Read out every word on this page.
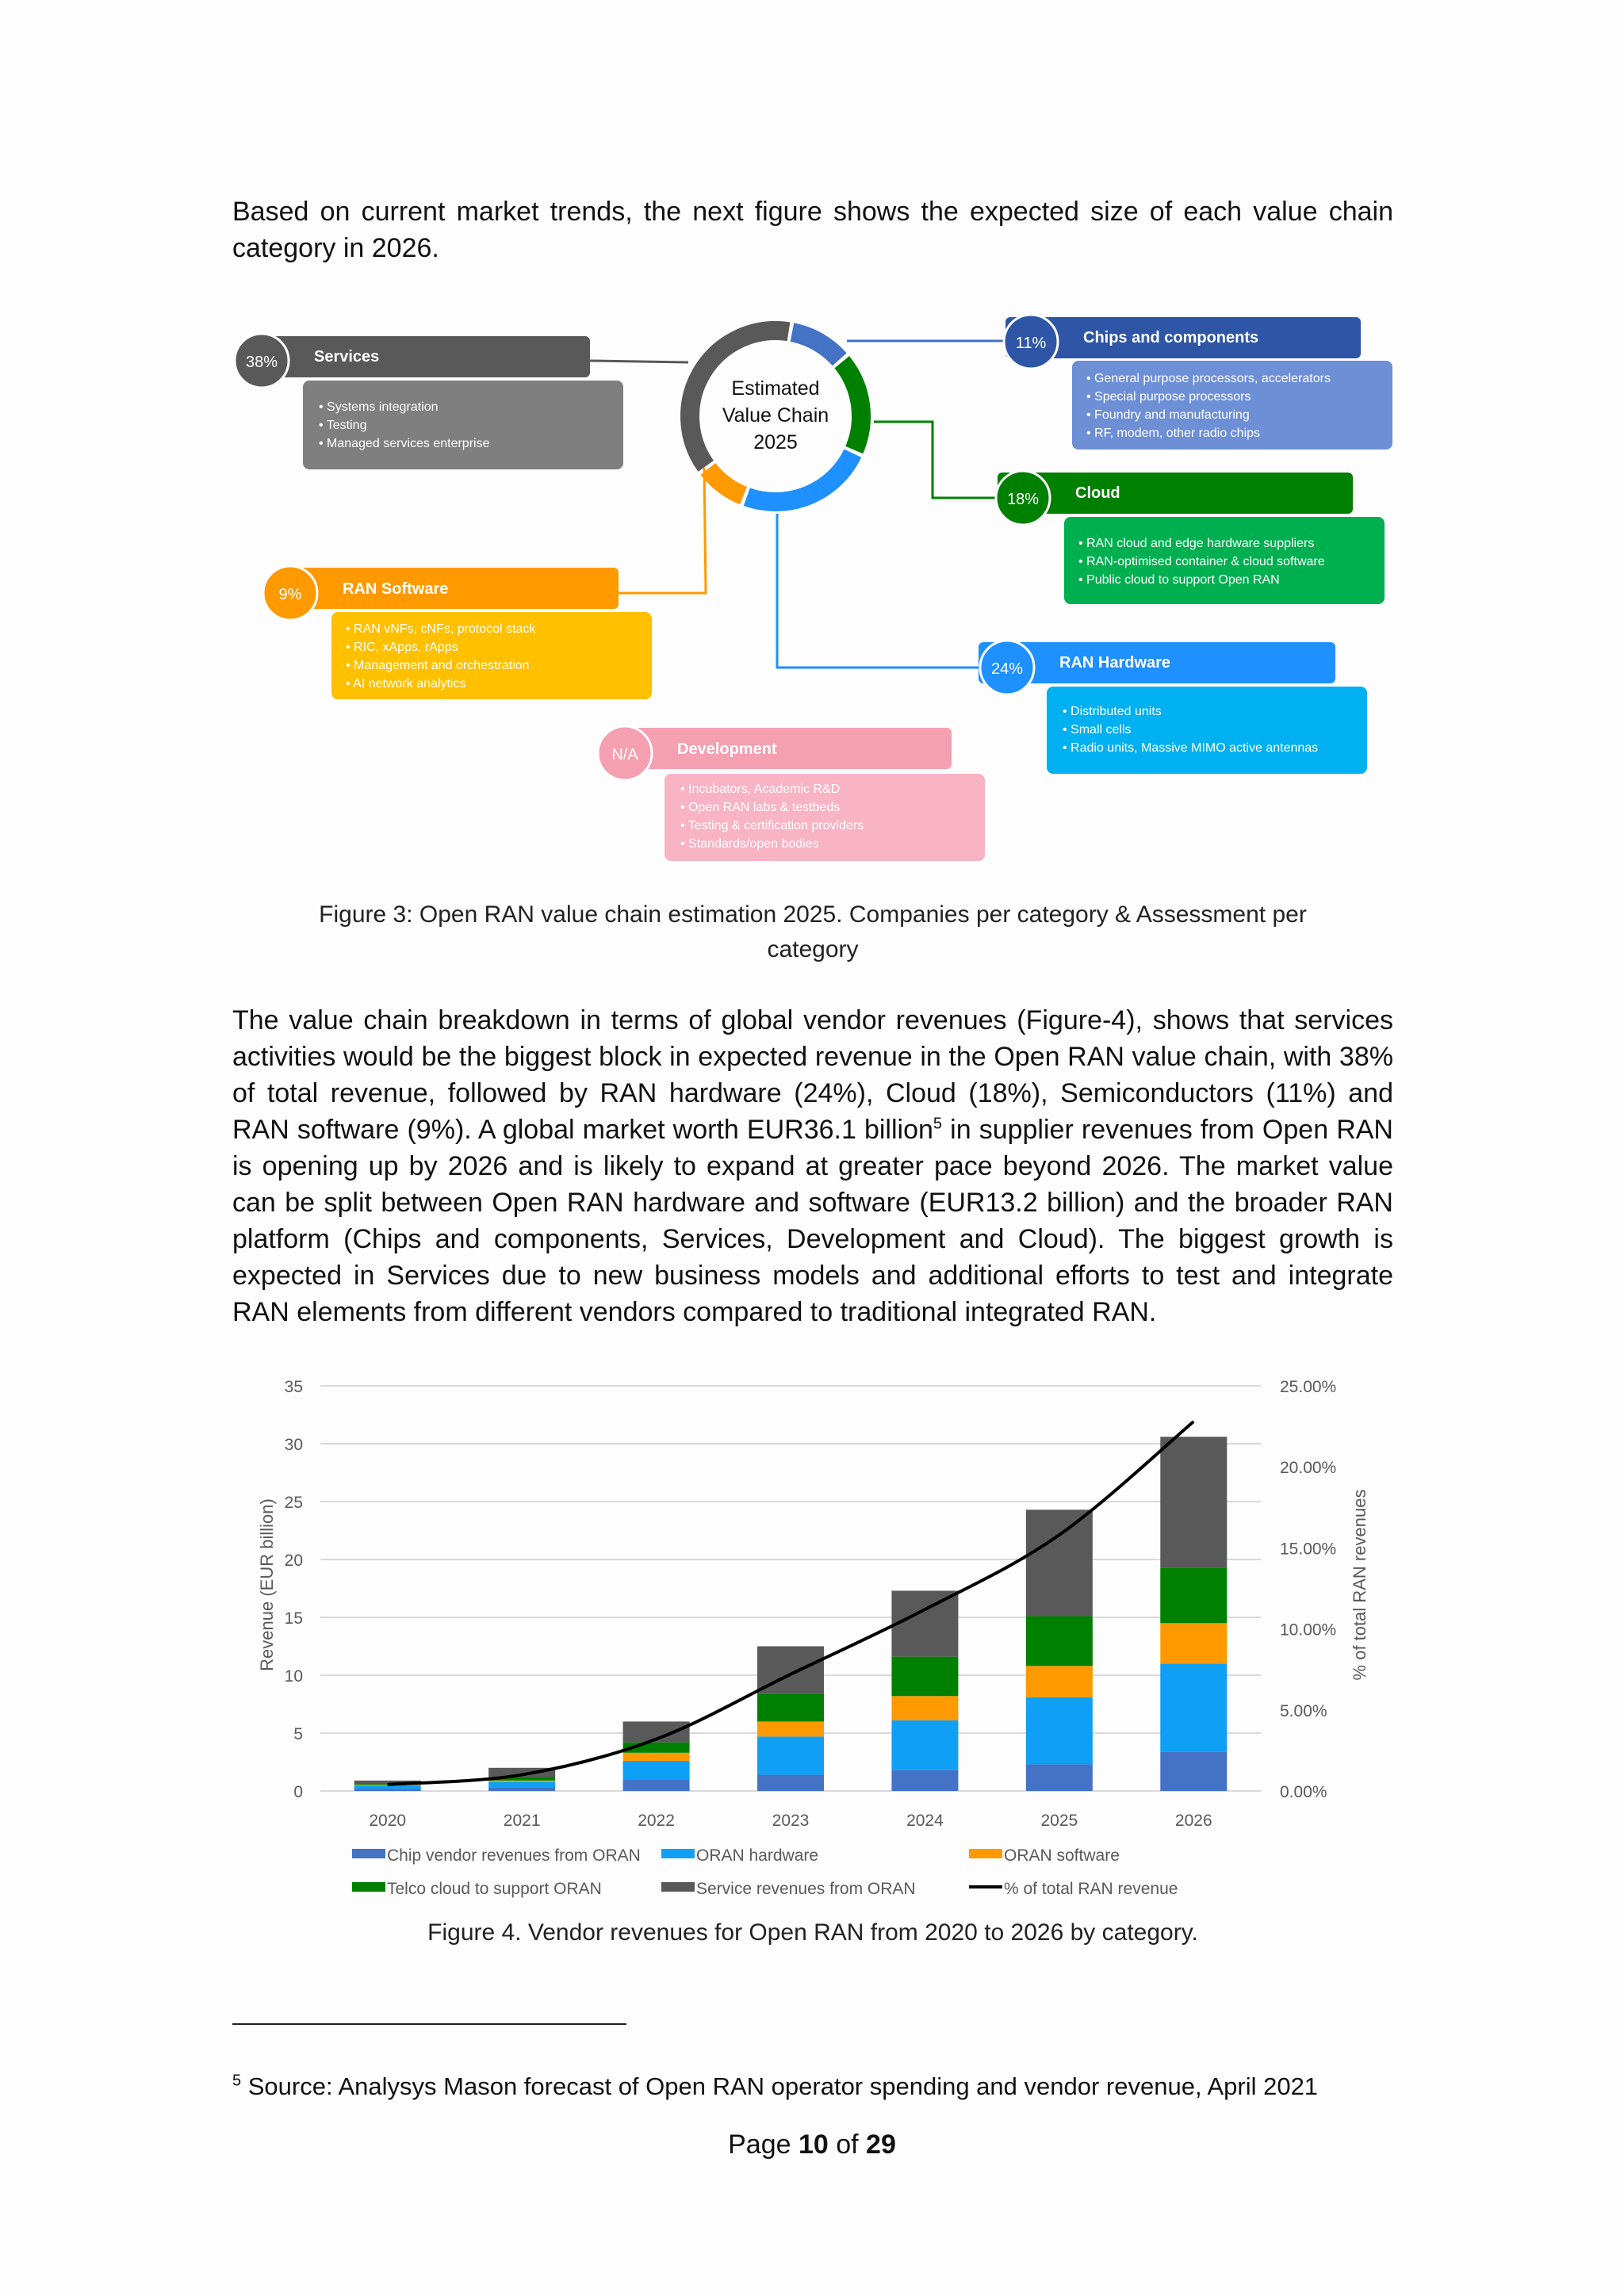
Based on current market trends, the next figure shows the expected size of each value chain category in 2026.
Estimated
Value Chain
2025
38% Services
• Systems integration
• Testing
• Managed services enterprise
11% Chips and components
• General purpose processors, accelerators
• Special purpose processors
• Foundry and manufacturing
• RF, modem, other radio chips
18% Cloud
• RAN cloud and edge hardware suppliers
• RAN-optimised container & cloud software
• Public cloud to support Open RAN
9%	RAN Software
• RAN vNFs, cNFs, protocol stack
• RIC, xApps, rApps
• Management and orchestration
• AI network analytics
24% RAN Hardware
• Distributed units
• Small cells
• Radio units, Massive MIMO active antennas
N/A Development
• Incubators, Academic R&D
• Open RAN labs & testbeds
• Testing & certification providers
• Standards/open bodies
Figure 3: Open RAN value chain estimation 2025. Companies per category & Assessment per
category
The value chain breakdown in terms of global vendor revenues (Figure-4), shows that services activities would be the biggest block in expected revenue in the Open RAN value chain, with 38% of total revenue, followed by RAN hardware (24%), Cloud (18%), Semiconductors (11%) and RAN software (9%). A global market worth EUR36.1 billion$^5$ in supplier revenues from Open RAN is opening up by 2026 and is likely to expand at greater pace beyond 2026. The market value can be split between Open RAN hardware and software (EUR13.2 billion) and the broader RAN platform (Chips and components, Services, Development and Cloud). The biggest growth is expected in Services due to new business models and additional efforts to test and integrate RAN elements from different vendors compared to traditional integrated RAN.
0
5
10
15
20
25
30
35
0.00%
5.00%
10.00%
15.00%
20.00%
25.00%
2020	2021	2022	2023	2024	2025	2026
Revenue (EUR billion)	% of total RAN revenues
Chip vendor revenues from ORAN	ORAN hardware	ORAN software
Telco cloud to support ORAN	Service revenues from ORAN	% of total RAN revenue
Figure 4. Vendor revenues for Open RAN from 2020 to 2026 by category.
$^5$ Source: Analysys Mason forecast of Open RAN operator spending and vendor revenue, April 2021
Page 10 of 29
